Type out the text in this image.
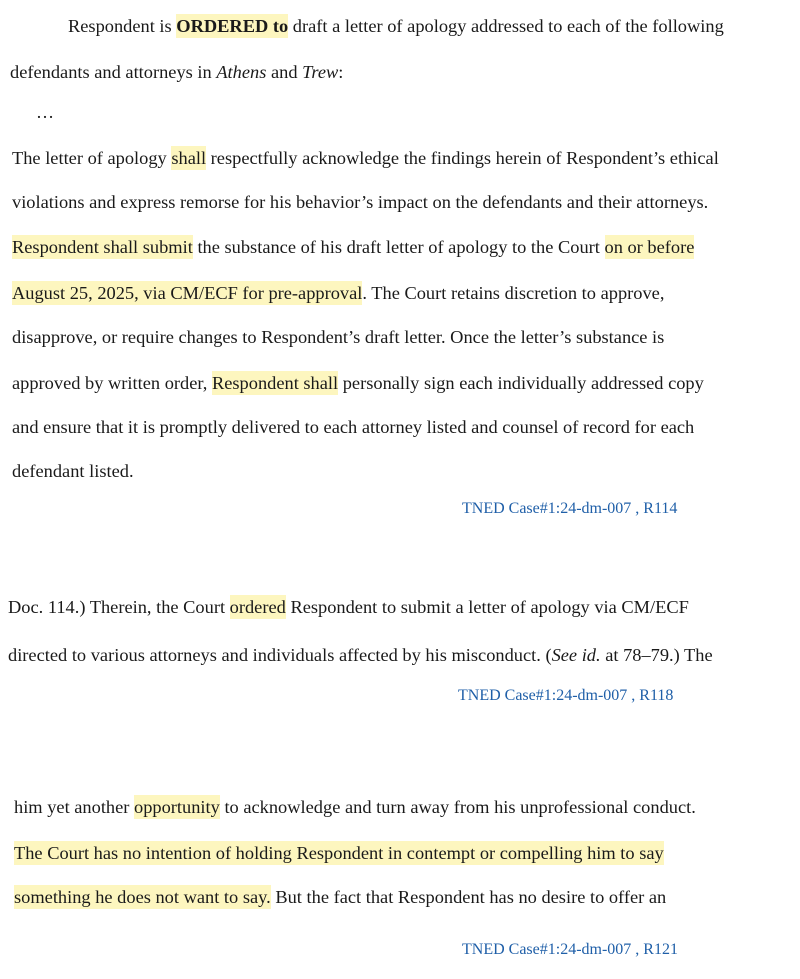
Respondent is ORDERED to draft a letter of apology addressed to each of the following
defendants and attorneys in Athens and Trew:
…
The letter of apology shall respectfully acknowledge the findings herein of Respondent’s ethical
violations and express remorse for his behavior’s impact on the defendants and their attorneys.
Respondent shall submit the substance of his draft letter of apology to the Court on or before
August 25, 2025, via CM/ECF for pre-approval. The Court retains discretion to approve,
disapprove, or require changes to Respondent’s draft letter. Once the letter’s substance is
approved by written order, Respondent shall personally sign each individually addressed copy
and ensure that it is promptly delivered to each attorney listed and counsel of record for each
defendant listed.
TNED Case#1:24-dm-007 , R114
Doc. 114.) Therein, the Court ordered Respondent to submit a letter of apology via CM/ECF
directed to various attorneys and individuals affected by his misconduct. (See id. at 78–79.) The
TNED Case#1:24-dm-007 , R118
him yet another opportunity to acknowledge and turn away from his unprofessional conduct.
The Court has no intention of holding Respondent in contempt or compelling him to say
something he does not want to say. But the fact that Respondent has no desire to offer an
TNED Case#1:24-dm-007 , R121
